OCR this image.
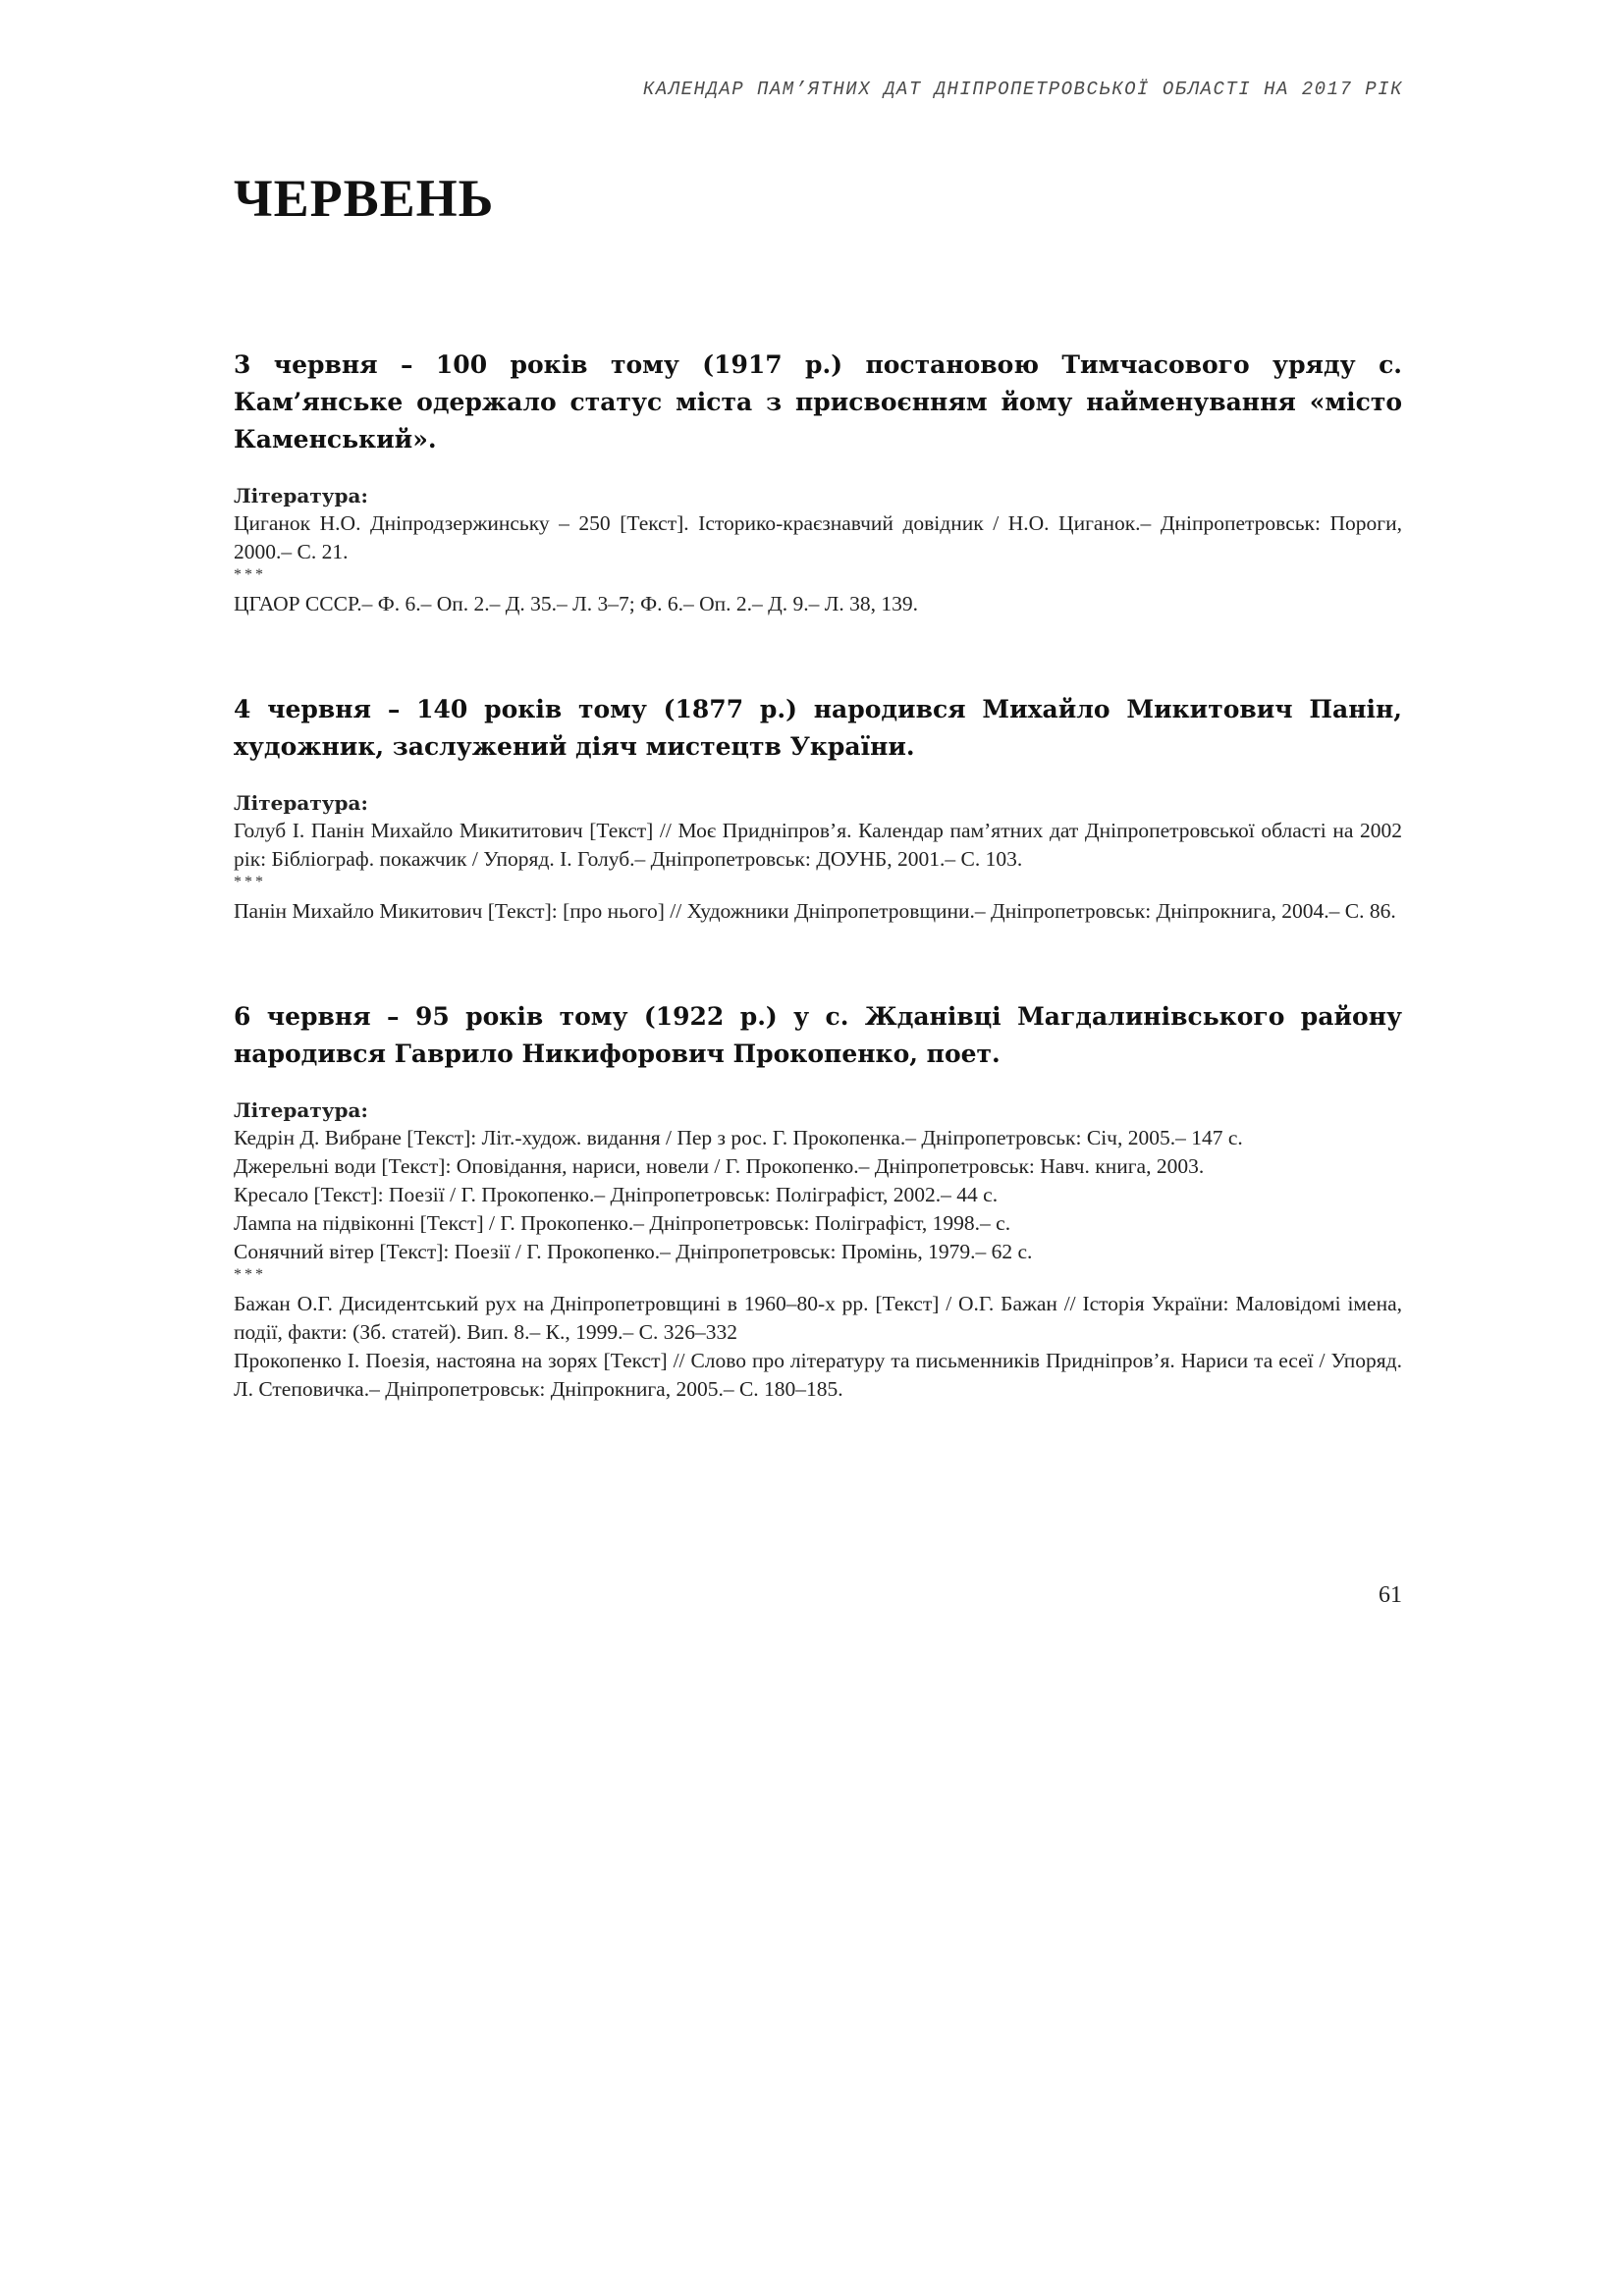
КАЛЕНДАР ПАМ’ЯТНИХ ДАТ ДНІПРОПЕТРОВСЬКОЇ ОБЛАСТІ НА 2017 РІК
ЧЕРВЕНЬ

3 червня – 100 років тому (1917 р.) постановою Тимчасового уряду с. Кам’янське одержало статус міста з присвоєнням йому найменування «місто Каменський».

Література:
Циганок Н.О. Дніпродзержинську – 250 [Текст]. Історико-краєзнавчий довідник / Н.О. Циганок.– Дніпропетровськ: Пороги, 2000.– С. 21.
***
ЦГАОР СССР.– Ф. 6.– Оп. 2.– Д. 35.– Л. 3–7; Ф. 6.– Оп. 2.– Д. 9.– Л. 38, 139.

4 червня – 140 років тому (1877 р.) народився Михайло Микитович Панін, художник, заслужений діяч мистецтв України.

Література:
Голуб І. Панін Михайло Микититович [Текст] // Моє Придніпров’я. Календар пам’ятних дат Дніпропетровської області на 2002 рік: Бібліограф. покажчик / Упоряд. І. Голуб.– Дніпропетровськ: ДОУНБ, 2001.– С. 103.
***
Панін Михайло Микитович [Текст]: [про нього] // Художники Дніпропетровщини.– Дніпропетровськ: Дніпрокнига, 2004.– С. 86.

6 червня – 95 років тому (1922 р.) у с. Жданівці Магдалинівського району народився Гаврило Никифорович Прокопенко, поет.

Література:
Кедрін Д. Вибране [Текст]: Літ.-худож. видання / Пер з рос. Г. Прокопенка.– Дніпропетровськ: Січ, 2005.– 147 с.
Джерельні води [Текст]: Оповідання, нариси, новели / Г. Прокопенко.– Дніпропетровськ: Навч. книга, 2003.
Кресало [Текст]: Поезії / Г. Прокопенко.– Дніпропетровськ: Поліграфіст, 2002.– 44 с.
Лампа на підвіконні [Текст] / Г. Прокопенко.– Дніпропетровськ: Поліграфіст, 1998.– с.
Сонячний вітер [Текст]: Поезії / Г. Прокопенко.– Дніпропетровськ: Промінь, 1979.– 62 с.
***
Бажан О.Г. Дисидентський рух на Дніпропетровщині в 1960–80-х рр. [Текст] / О.Г. Бажан // Історія України: Маловідомі імена, події, факти: (Зб. статей). Вип. 8.– К., 1999.– С. 326–332
Прокопенко І. Поезія, настояна на зорях [Текст] // Слово про літературу та письменників Придніпров’я. Нариси та есеї / Упоряд. Л. Степовичка.– Дніпропетровськ: Дніпрокнига, 2005.– С. 180–185.
61
